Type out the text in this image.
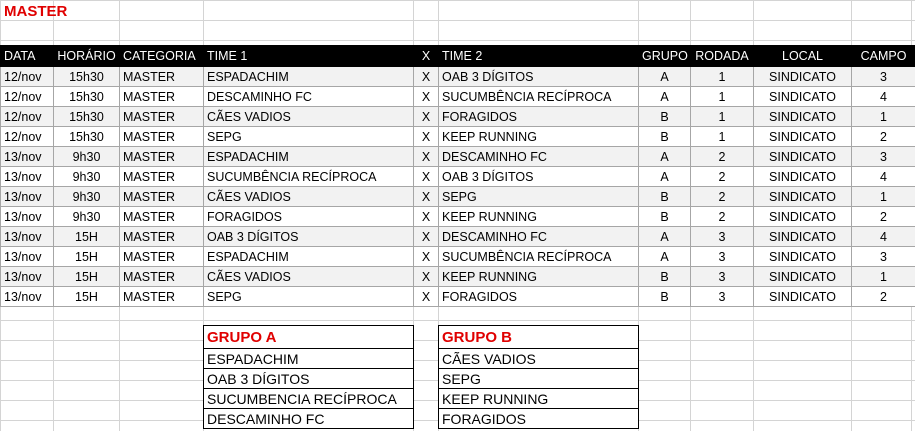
MASTER
DATA	HORÁRIO	CATEGORIA	TIME 1	X	TIME 2	GRUPO	RODADA	LOCAL	CAMPO
12/nov	15h30	MASTER	ESPADACHIM	X	OAB 3 DÍGITOS	A	1	SINDICATO	3
12/nov	15h30	MASTER	DESCAMINHO FC	X	SUCUMBÊNCIA RECÍPROCA	A	1	SINDICATO	4
12/nov	15h30	MASTER	CÃES VADIOS	X	FORAGIDOS	B	1	SINDICATO	1
12/nov	15h30	MASTER	SEPG	X	KEEP RUNNING	B	1	SINDICATO	2
13/nov	9h30	MASTER	ESPADACHIM	X	DESCAMINHO FC	A	2	SINDICATO	3
13/nov	9h30	MASTER	SUCUMBÊNCIA RECÍPROCA	X	OAB 3 DÍGITOS	A	2	SINDICATO	4
13/nov	9h30	MASTER	CÃES VADIOS	X	SEPG	B	2	SINDICATO	1
13/nov	9h30	MASTER	FORAGIDOS	X	KEEP RUNNING	B	2	SINDICATO	2
13/nov	15H	MASTER	OAB 3 DÍGITOS	X	DESCAMINHO FC	A	3	SINDICATO	4
13/nov	15H	MASTER	ESPADACHIM	X	SUCUMBÊNCIA RECÍPROCA	A	3	SINDICATO	3
13/nov	15H	MASTER	CÃES VADIOS	X	KEEP RUNNING	B	3	SINDICATO	1
13/nov	15H	MASTER	SEPG	X	FORAGIDOS	B	3	SINDICATO	2
GRUPO A
ESPADACHIM
OAB 3 DÍGITOS
SUCUMBENCIA RECÍPROCA
DESCAMINHO FC
GRUPO B
CÃES VADIOS
SEPG
KEEP RUNNING
FORAGIDOS
